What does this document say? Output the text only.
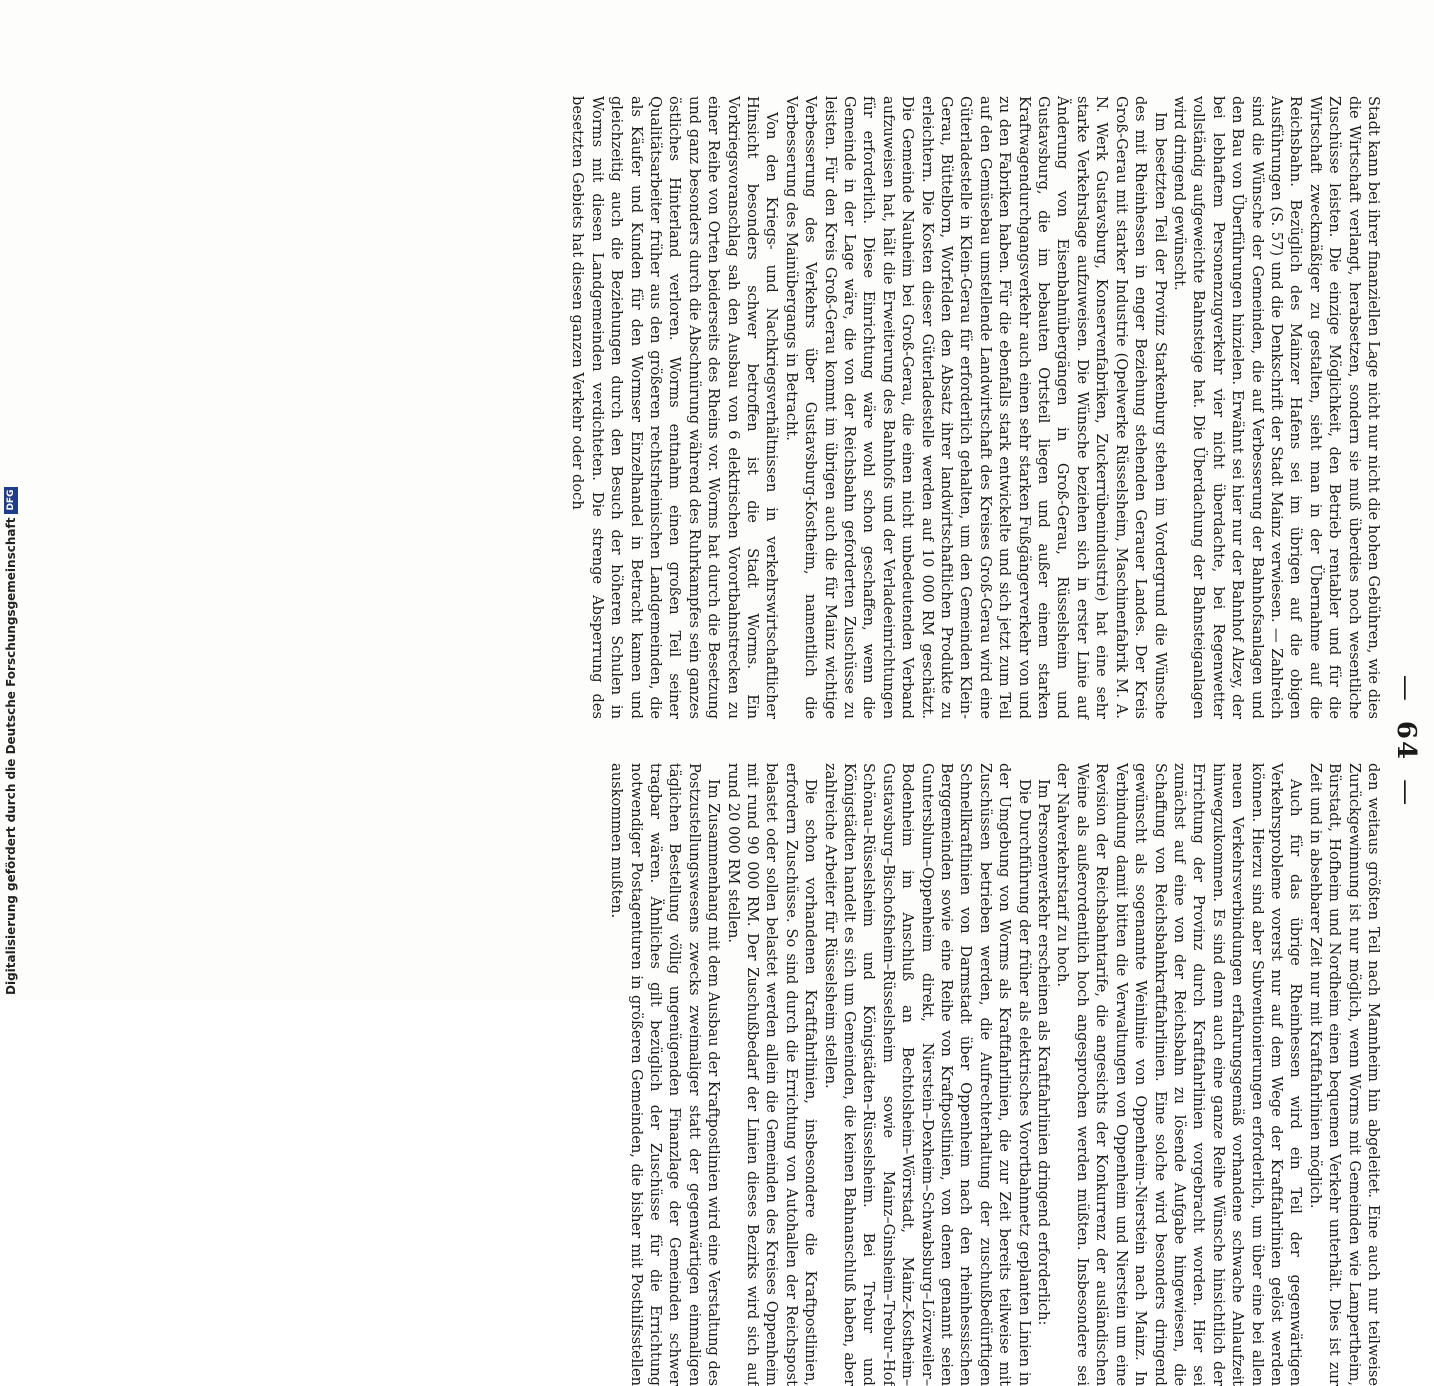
—64—

Stadt kann bei ihrer finanziellen Lage nicht nur nicht die hohen Gebühren, wie dies die Wirtschaft verlangt, herabsetzen, sondern sie muß überdies noch wesentliche Zuschüsse leisten. Die einzige Möglichkeit, den Betrieb rentabler und für die Wirtschaft zweckmäßiger zu gestalten, sieht man in der Übernahme auf die Reichsbahn. Bezüglich des Mainzer Hafens sei im übrigen auf die obigen Ausführungen (S. 57) und die Denkschrift der Stadt Mainz verwiesen. — Zahlreich sind die Wünsche der Gemeinden, die auf Verbesserung der Bahnhofsanlagen und den Bau von Überführungen hinzielen. Erwähnt sei hier nur der Bahnhof Alzey, der bei lebhaftem Personenzugverkehr vier nicht überdachte, bei Regenwetter vollständig aufgeweichte Bahnsteige hat. Die Überdachung der Bahnsteiganlagen wird dringend gewünscht.

Im besetzten Teil der Provinz Starkenburg stehen im Vordergrund die Wünsche des mit Rheinhessen in enger Beziehung stehenden Gerauer Landes. Der Kreis Groß-Gerau mit starker Industrie (Opelwerke Rüsselsheim, Maschinenfabrik M. A. N. Werk Gustavsburg, Konservenfabriken, Zuckerrübenindustrie) hat eine sehr starke Verkehrslage aufzuweisen. Die Wünsche beziehen sich in erster Linie auf Änderung von Eisenbahnübergängen in Groß-Gerau, Rüsselsheim und Gustavsburg, die im bebauten Ortsteil liegen und außer einem starken Kraftwagendurchgangsverkehr auch einen sehr starken Fußgängerverkehr von und zu den Fabriken haben. Für die ebenfalls stark entwickelte und sich jetzt zum Teil auf den Gemüsebau umstellende Landwirtschaft des Kreises Groß-Gerau wird eine Güterladestelle in Klein-Gerau für erforderlich gehalten, um den Gemeinden Klein-Gerau, Büttelborn, Worfelden den Absatz ihrer landwirtschaftlichen Produkte zu erleichtern. Die Kosten dieser Güterladestelle werden auf 10 000 RM geschätzt. Die Gemeinde Nauheim bei Groß-Gerau, die einen nicht unbedeutenden Verband aufzuweisen hat, hält die Erweiterung des Bahnhofs und der Verladeeinrichtungen für erforderlich. Diese Einrichtung wäre wohl schon geschaffen, wenn die Gemeinde in der Lage wäre, die von der Reichsbahn geforderten Zuschüsse zu leisten. Für den Kreis Groß-Gerau kommt im übrigen auch die für Mainz wichtige Verbesserung des Verkehrs über Gustavsburg-Kostheim, namentlich die Verbesserung des Mainübergangs in Betracht.

Von den Kriegs- und Nachkriegsverhältnissen in verkehrswirtschaftlicher Hinsicht besonders schwer betroffen ist die Stadt Worms. Ein Vorkriegsvoranschlag sah den Ausbau von 6 elektrischen Vorortbahnstrecken zu einer Reihe von Orten beiderseits des Rheins vor. Worms hat durch die Besetzung und ganz besonders durch die Abschnürung während des Ruhrkampfes sein ganzes östliches Hinterland verloren. Worms entnahm einen großen Teil seiner Qualitätsarbeiter früher aus den größeren rechtsrheinischen Landgemeinden, die als Käufer und Kunden für den Wormser Einzelhandel in Betracht kamen und gleichzeitig auch die Beziehungen durch den Besuch der höheren Schulen in Worms mit diesen Landgemeinden verdichteten. Die strenge Absperrung des besetzten Gebiets hat diesen ganzen Verkehr oder doch

den weitaus größten Teil nach Mannheim hin abgeleitet. Eine auch nur teilweise Zurückgewinnung ist nur möglich, wenn Worms mit Gemeinden wie Lampertheim, Bürstadt, Hofheim und Nordheim einen bequemen Verkehr unterhält. Dies ist zur Zeit und in absehbarer Zeit nur mit Kraftfahrlinien möglich.

Auch für das übrige Rheinhessen wird ein Teil der gegenwärtigen Verkehrsprobleme vorerst nur auf dem Wege der Kraftfahrlinien gelöst werden können. Hierzu sind aber Subventionierungen erforderlich, um über eine bei allen neuen Verkehrsverbindungen erfahrungsgemäß vorhandene schwache Anlaufzeit hinwegzukommen. Es sind denn auch eine ganze Reihe Wünsche hinsichtlich der Errichtung der Provinz durch Kraftfahrlinien vorgebracht worden. Hier sei zunächst auf eine von der Reichsbahn zu lösende Aufgabe hingewiesen, die Schaffung von Reichsbahnkraftfahrlinien. Eine solche wird besonders dringend gewünscht als sogenannte Weinlinie von Oppenheim-Nierstein nach Mainz. In Verbindung damit bitten die Verwaltungen von Oppenheim und Nierstein um eine Revision der Reichsbahntarife, die angesichts der Konkurrenz der ausländischen Weine als außerordentlich hoch angesprochen werden müßten. Insbesondere sei der Nahverkehrstarif zu hoch.

Im Personenverkehr erscheinen als Kraftfahrlinien dringend erforderlich:

Die Durchführung der früher als elektrisches Vorortbahnnetz geplanten Linien in der Umgebung von Worms als Kraftfahrlinien, die zur Zeit bereits teilweise mit Zuschüssen betrieben werden, die Aufrechterhaltung der zuschußbedürftigen Schnellkraftlinien von Darmstadt über Oppenheim nach den rheinhessischen Berggemeinden sowie eine Reihe von Kraftpostlinien, von denen genannt seien Guntersblum–Oppenheim direkt, Nierstein–Dexheim–Schwabsburg–Lörzweiler–Bodenheim im Anschluß an Bechtolsheim–Wörrstadt, Mainz–Kostheim–Gustavsburg–Bischofsheim–Rüsselsheim sowie Mainz–Ginsheim–Trebur–Hof Schönau–Rüsselsheim und Königstädten–Rüsselsheim. Bei Trebur und Königstädten handelt es sich um Gemeinden, die keinen Bahnanschluß haben, aber zahlreiche Arbeiter für Rüsselsheim stellen.

Die schon vorhandenen Kraftfahrlinien, insbesondere die Kraftpostlinien, erfordern Zuschüsse. So sind durch die Errichtung von Autohallen der Reichspost belastet oder sollen belastet werden allein die Gemeinden des Kreises Oppenheim mit rund 90 000 RM. Der Zuschußbedarf der Linien dieses Bezirks wird sich auf rund 20 000 RM stellen.

Im Zusammenhang mit dem Ausbau der Kraftpostlinien wird eine Verstaltung des Postzustellungswesens zwecks zweimaliger statt der gegenwärtigen einmaligen täglichen Bestellung völlig ungenügenden Finanzlage der Gemeinden schwer tragbar wären. Ähnliches gilt bezüglich der Zuschüsse für die Errichtung notwendiger Postagenturen in größeren Gemeinden, die bisher mit Posthilfsstellen auskommen mußten.

Digitalisierung gefördert durch die Deutsche Forschungsgemeinschaft
DFG
